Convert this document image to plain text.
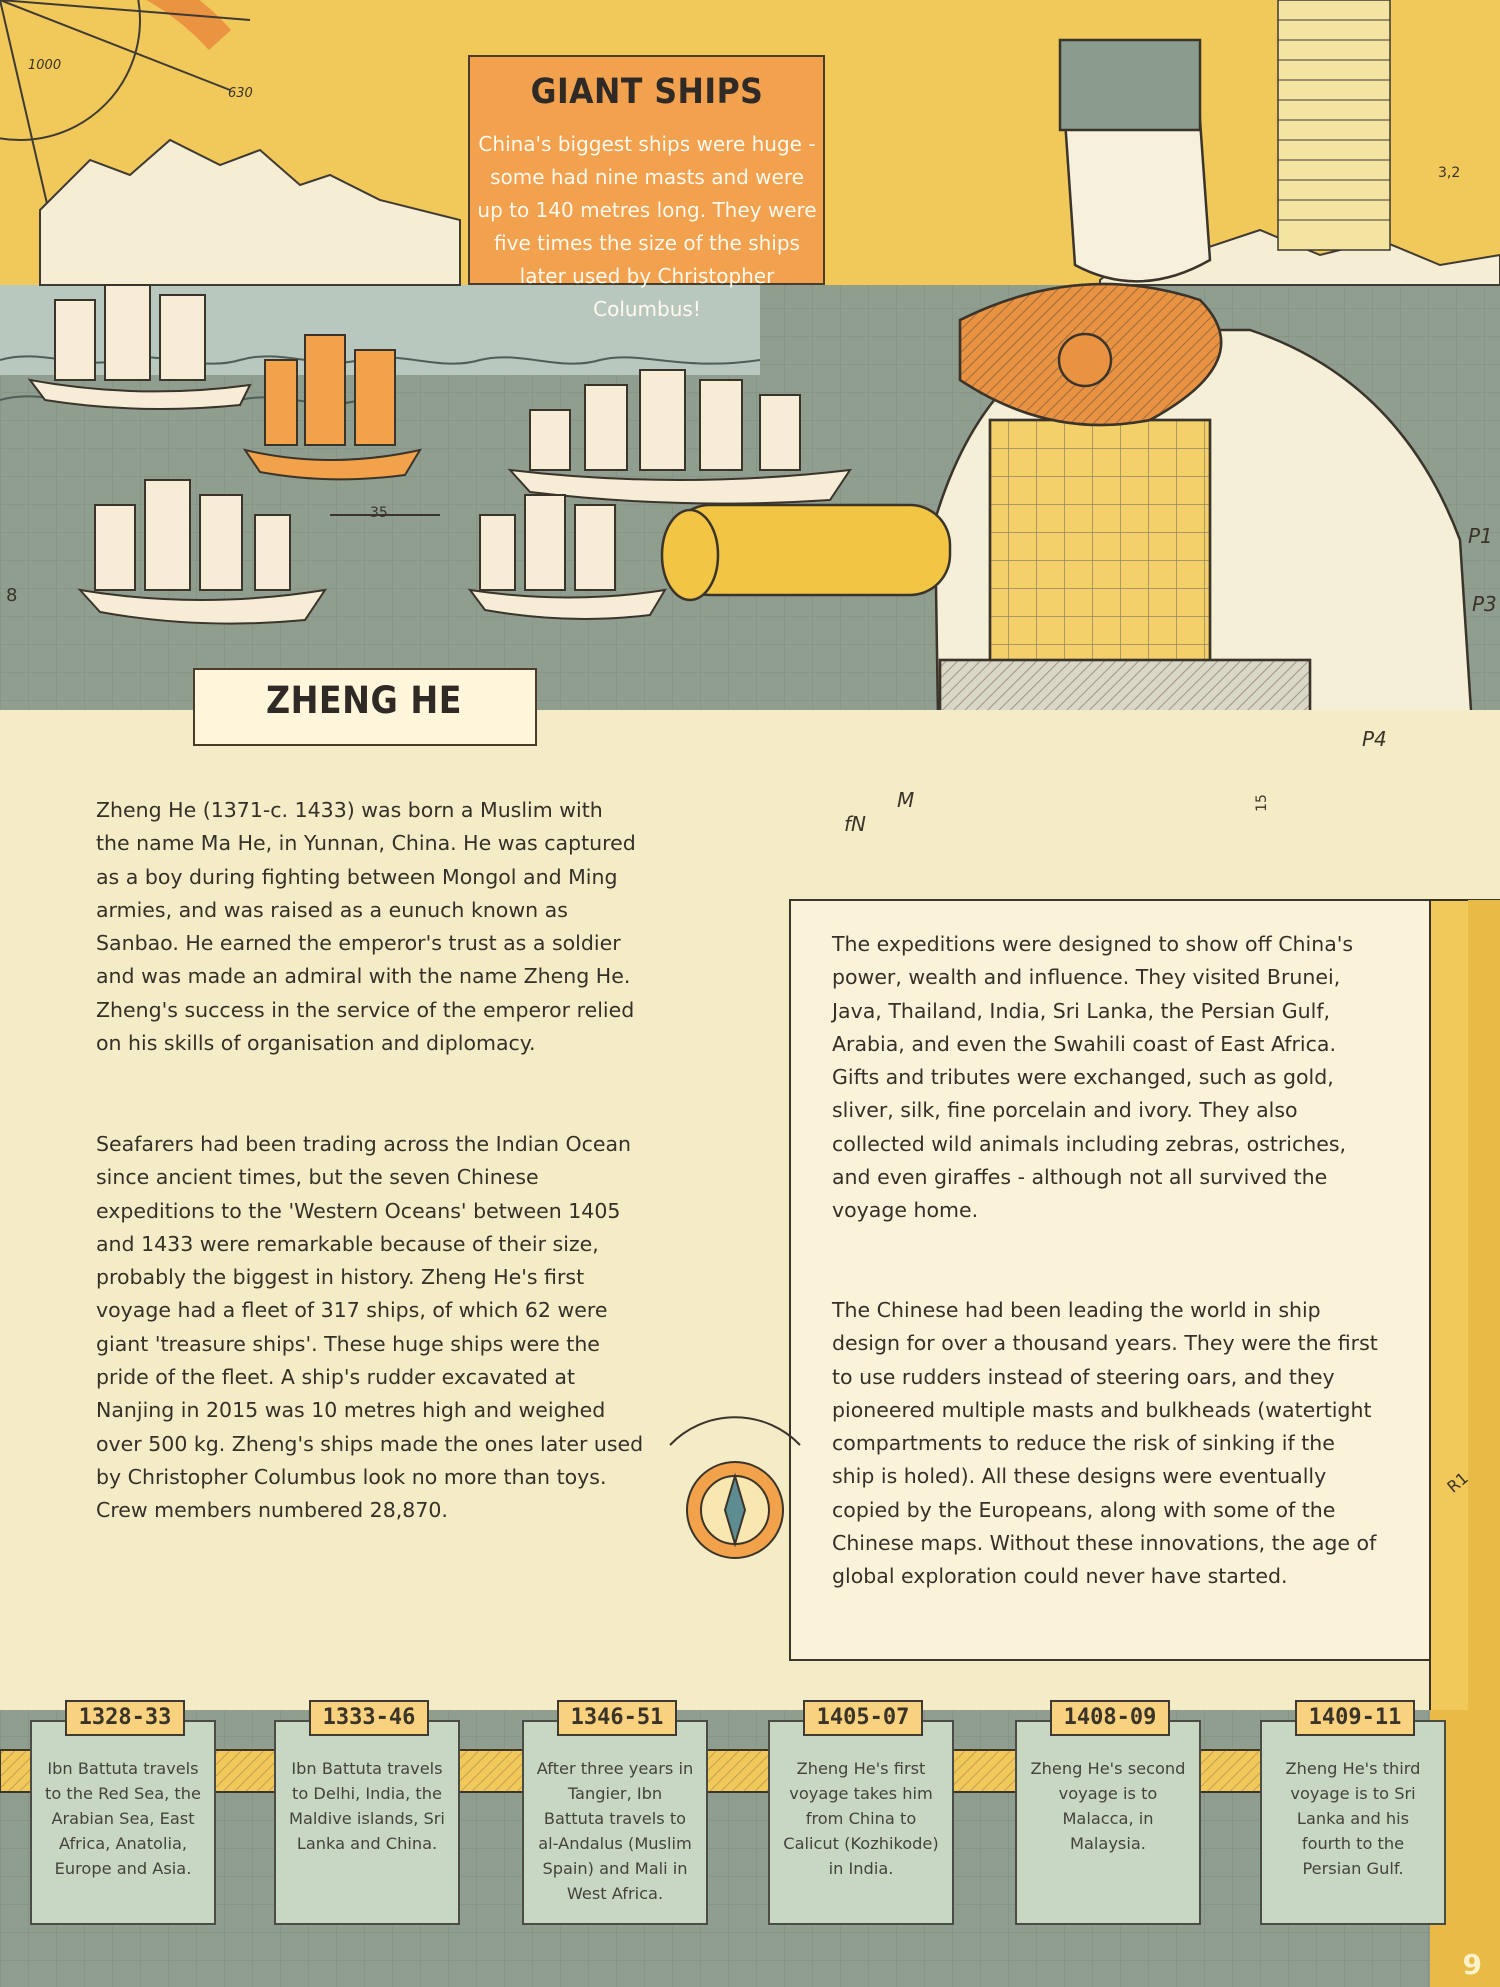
35
15
3,2
8
1000
630
P1
P3
P4
M
fN
R1
GIANT SHIPS
China's biggest ships were huge - some had nine masts and were up to 140 metres long. They were five times the size of the ships later used by Christopher Columbus!
ZHENG HE
Zheng He (1371-c. 1433) was born a Muslim with the name Ma He, in Yunnan, China. He was captured as a boy during fighting between Mongol and Ming armies, and was raised as a eunuch known as Sanbao. He earned the emperor's trust as a soldier and was made an admiral with the name Zheng He. Zheng's success in the service of the emperor relied on his skills of organisation and diplomacy.
Seafarers had been trading across the Indian Ocean since ancient times, but the seven Chinese expeditions to the 'Western Oceans' between 1405 and 1433 were remarkable because of their size, probably the biggest in history. Zheng He's first voyage had a fleet of 317 ships, of which 62 were giant 'treasure ships'. These huge ships were the pride of the fleet. A ship's rudder excavated at Nanjing in 2015 was 10 metres high and weighed over 500 kg. Zheng's ships made the ones later used by Christopher Columbus look no more than toys. Crew members numbered 28,870.
The expeditions were designed to show off China's power, wealth and influence. They visited Brunei, Java, Thailand, India, Sri Lanka, the Persian Gulf, Arabia, and even the Swahili coast of East Africa. Gifts and tributes were exchanged, such as gold, sliver, silk, fine porcelain and ivory. They also collected wild animals including zebras, ostriches, and even giraffes - although not all survived the voyage home.
The Chinese had been leading the world in ship design for over a thousand years. They were the first to use rudders instead of steering oars, and they pioneered multiple masts and bulkheads (watertight compartments to reduce the risk of sinking if the ship is holed). All these designs were eventually copied by the Europeans, along with some of the Chinese maps. Without these innovations, the age of global exploration could never have started.
1328-33
Ibn Battuta travels to the Red Sea, the Arabian Sea, East Africa, Anatolia, Europe and Asia.
1333-46
Ibn Battuta travels to Delhi, India, the Maldive islands, Sri Lanka and China.
1346-51
After three years in Tangier, Ibn Battuta travels to al-Andalus (Muslim Spain) and Mali in West Africa.
1405-07
Zheng He's first voyage takes him from China to Calicut (Kozhikode) in India.
1408-09
Zheng He's second voyage is to Malacca, in Malaysia.
1409-11
Zheng He's third voyage is to Sri Lanka and his fourth to the Persian Gulf.
9
